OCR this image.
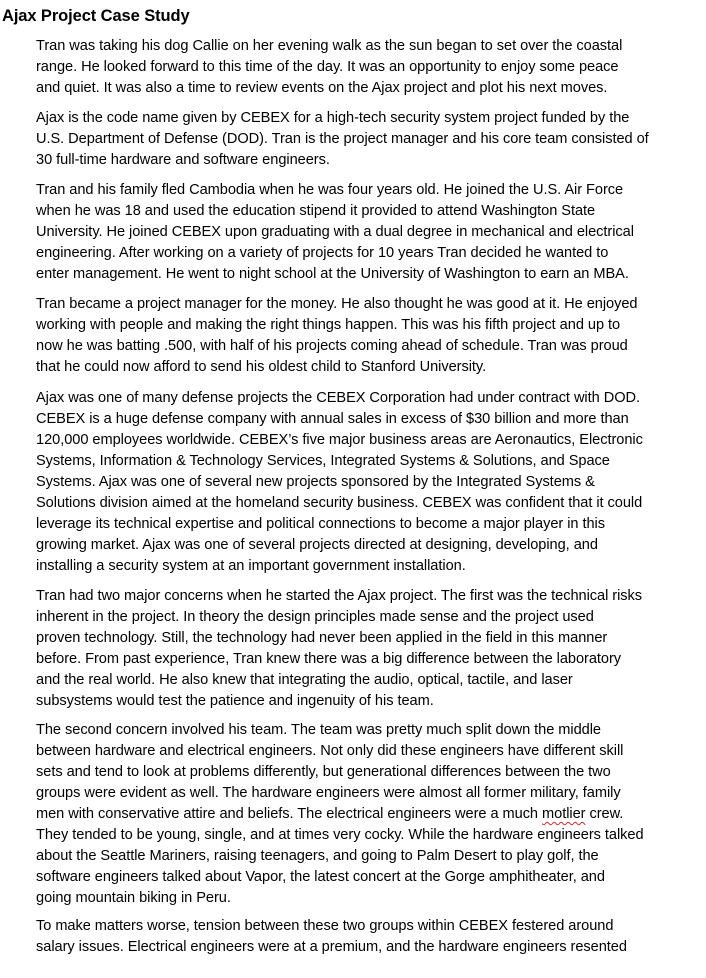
Ajax Project Case Study
Tran was taking his dog Callie on her evening walk as the sun began to set over the coastal
range. He looked forward to this time of the day. It was an opportunity to enjoy some peace
and quiet. It was also a time to review events on the Ajax project and plot his next moves.
Ajax is the code name given by CEBEX for a high-tech security system project funded by the
U.S. Department of Defense (DOD). Tran is the project manager and his core team consisted of
30 full-time hardware and software engineers.
Tran and his family fled Cambodia when he was four years old. He joined the U.S. Air Force
when he was 18 and used the education stipend it provided to attend Washington State
University. He joined CEBEX upon graduating with a dual degree in mechanical and electrical
engineering. After working on a variety of projects for 10 years Tran decided he wanted to
enter management. He went to night school at the University of Washington to earn an MBA.
Tran became a project manager for the money. He also thought he was good at it. He enjoyed
working with people and making the right things happen. This was his fifth project and up to
now he was batting .500, with half of his projects coming ahead of schedule. Tran was proud
that he could now afford to send his oldest child to Stanford University.
Ajax was one of many defense projects the CEBEX Corporation had under contract with DOD.
CEBEX is a huge defense company with annual sales in excess of $30 billion and more than
120,000 employees worldwide. CEBEX’s five major business areas are Aeronautics, Electronic
Systems, Information & Technology Services, Integrated Systems & Solutions, and Space
Systems. Ajax was one of several new projects sponsored by the Integrated Systems &
Solutions division aimed at the homeland security business. CEBEX was confident that it could
leverage its technical expertise and political connections to become a major player in this
growing market. Ajax was one of several projects directed at designing, developing, and
installing a security system at an important government installation.
Tran had two major concerns when he started the Ajax project. The first was the technical risks
inherent in the project. In theory the design principles made sense and the project used
proven technology. Still, the technology had never been applied in the field in this manner
before. From past experience, Tran knew there was a big difference between the laboratory
and the real world. He also knew that integrating the audio, optical, tactile, and laser
subsystems would test the patience and ingenuity of his team.
The second concern involved his team. The team was pretty much split down the middle
between hardware and electrical engineers. Not only did these engineers have different skill
sets and tend to look at problems differently, but generational differences between the two
groups were evident as well. The hardware engineers were almost all former military, family
men with conservative attire and beliefs. The electrical engineers were a much motlier crew.
They tended to be young, single, and at times very cocky. While the hardware engineers talked
about the Seattle Mariners, raising teenagers, and going to Palm Desert to play golf, the
software engineers talked about Vapor, the latest concert at the Gorge amphitheater, and
going mountain biking in Peru.
To make matters worse, tension between these two groups within CEBEX festered around
salary issues. Electrical engineers were at a premium, and the hardware engineers resented
